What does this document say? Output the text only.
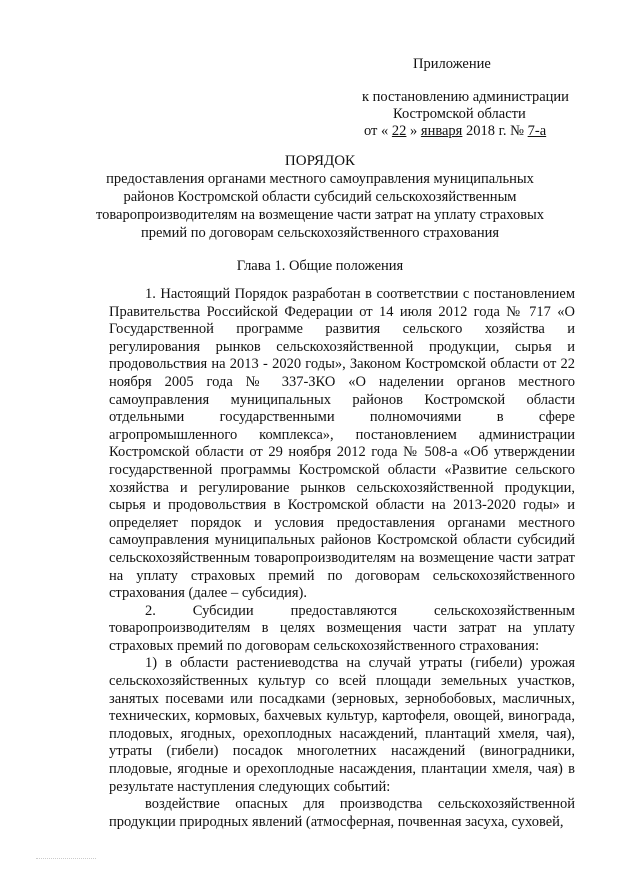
Приложение
к постановлению администрации
Костромской области
от « 22 » января 2018 г. № 7-а
ПОРЯДОК
предоставления органами местного самоуправления муниципальных
районов Костромской области субсидий сельскохозяйственным
товаропроизводителям на возмещение части затрат на уплату страховых
премий по договорам сельскохозяйственного страхования
Глава 1. Общие положения

1. Настоящий Порядок разработан в соответствии с постановлением Правительства Российской Федерации от 14 июля 2012 года № 717 «О Государственной программе развития сельского хозяйства и регулирования рынков сельскохозяйственной продукции, сырья и продовольствия на 2013 - 2020 годы», Законом Костромской области от 22 ноября 2005 года № 337-ЗКО «О наделении органов местного самоуправления муниципальных районов Костромской области отдельными государственными полномочиями в сфере агропромышленного комплекса», постановлением администрации Костромской области от 29 ноября 2012 года № 508-а «Об утверждении государственной программы Костромской области «Развитие сельского хозяйства и регулирование рынков сельскохозяйственной продукции, сырья и продовольствия в Костромской области на 2013-2020 годы» и определяет порядок и условия предоставления органами местного самоуправления муниципальных районов Костромской области субсидий сельскохозяйственным товаропроизводителям на возмещение части затрат на уплату страховых премий по договорам сельскохозяйственного страхования (далее – субсидия).

2. Субсидии предоставляются сельскохозяйственным товаропроизводителям в целях возмещения части затрат на уплату страховых премий по договорам сельскохозяйственного страхования:

1) в области растениеводства на случай утраты (гибели) урожая сельскохозяйственных культур со всей площади земельных участков, занятых посевами или посадками (зерновых, зернобобовых, масличных, технических, кормовых, бахчевых культур, картофеля, овощей, винограда, плодовых, ягодных, орехоплодных насаждений, плантаций хмеля, чая), утраты (гибели) посадок многолетних насаждений (виноградники, плодовые, ягодные и орехоплодные насаждения, плантации хмеля, чая) в результате наступления следующих событий:

воздействие опасных для производства сельскохозяйственной продукции природных явлений (атмосферная, почвенная засуха, суховей,
